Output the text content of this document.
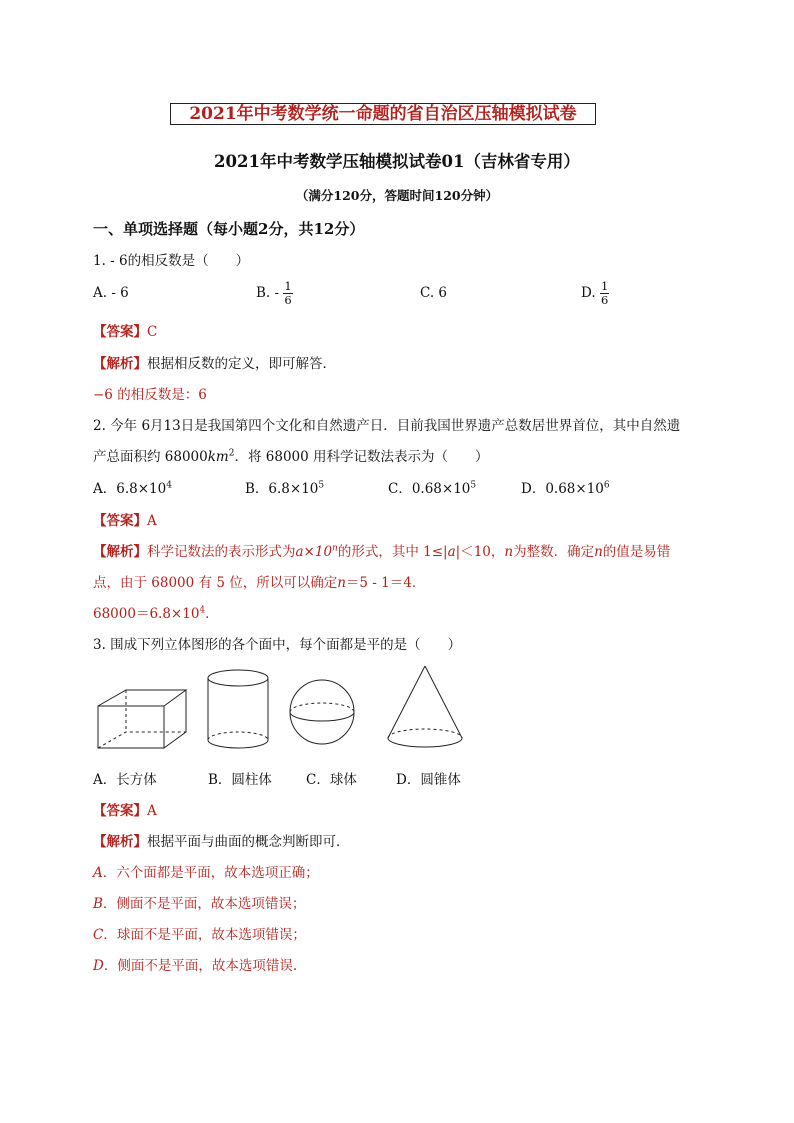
2021年中考数学统一命题的省自治区压轴模拟试卷
2021年中考数学压轴模拟试卷01（吉林省专用）
（满分120分，答题时间120分钟）
一、单项选择题（每小题2分，共12分）
1. - 6的相反数是（　　）
A. - 6	B. - $\frac{1}{6}$	C. 6	D. $\frac{1}{6}$
【答案】C
【解析】根据相反数的定义，即可解答．
−6 的相反数是：6
2. 今年 6月13日是我国第四个文化和自然遗产日．目前我国世界遗产总数居世界首位，其中自然遗
产总面积约 $68000km^2$．将 68000 用科学记数法表示为（　　）
A．$6.8\times 10^4$	B．$6.8\times 10^5$	C．$0.68\times 10^5$	D．$0.68\times 10^6$
【答案】A
【解析】科学记数法的表示形式为$a\times 10^n$的形式，其中 1≤|a|＜10，n为整数．确定n的值是易错
点，由于 68000 有 5 位，所以可以确定n＝5 - 1＝4．
$68000=6.8\times 10^4$．
3. 围成下列立体图形的各个面中，每个面都是平的是（　　）
A．长方体	B．圆柱体	C．球体	D．圆锥体
【答案】A
【解析】根据平面与曲面的概念判断即可．
A．六个面都是平面，故本选项正确；
B．侧面不是平面，故本选项错误；
C．球面不是平面，故本选项错误；
D．侧面不是平面，故本选项错误.
